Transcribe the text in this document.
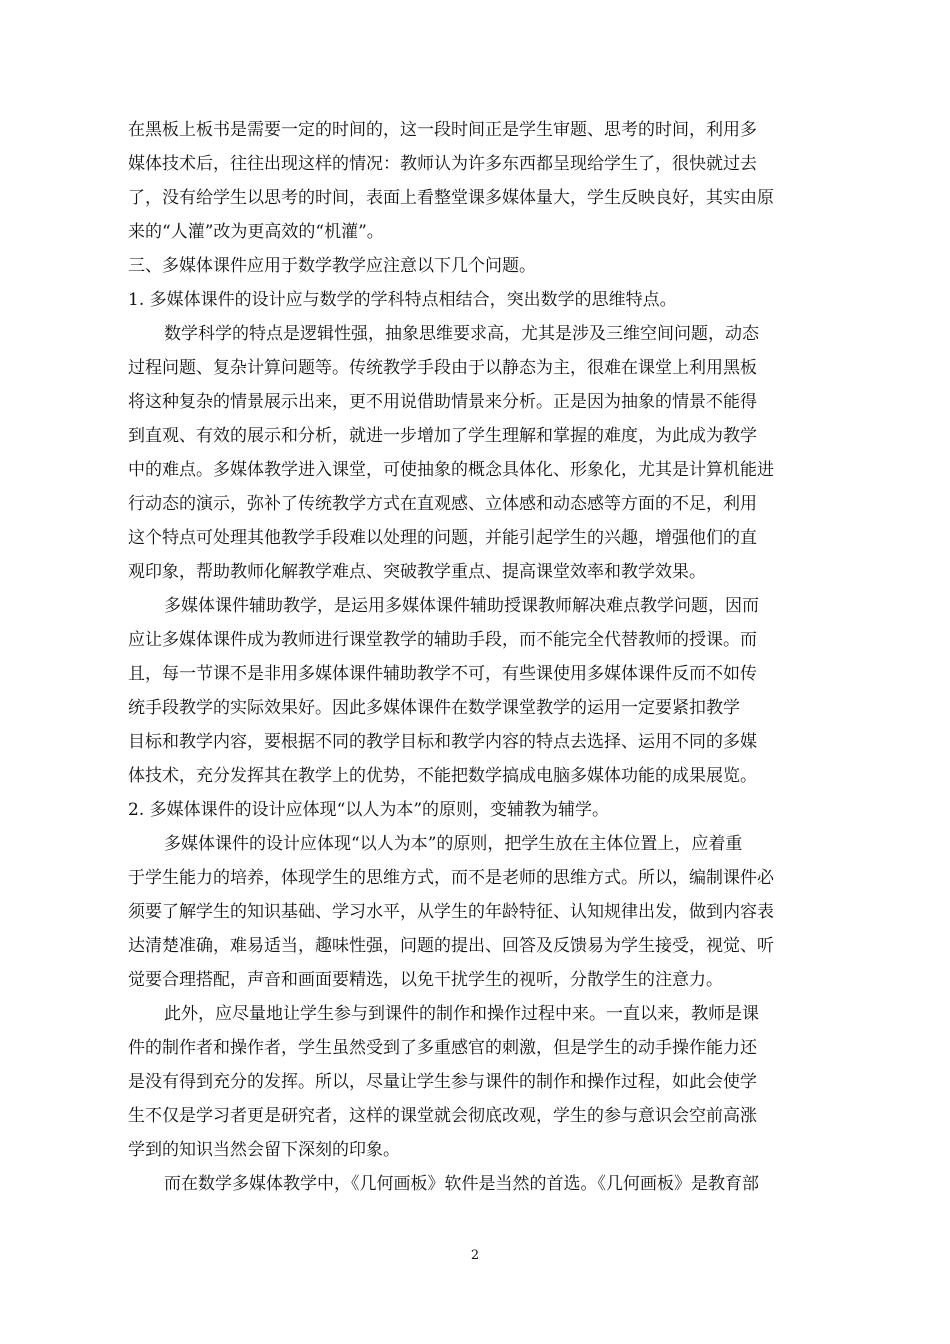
在黑板上板书是需要一定的时间的，这一段时间正是学生审题、思考的时间，利用多
媒体技术后，往往出现这样的情况：教师认为许多东西都呈现给学生了，很快就过去
了，没有给学生以思考的时间，表面上看整堂课多媒体量大，学生反映良好，其实由原
来的“人灌”改为更高效的“机灌”。
三、多媒体课件应用于数学教学应注意以下几个问题。
1. 多媒体课件的设计应与数学的学科特点相结合，突出数学的思维特点。
数学科学的特点是逻辑性强，抽象思维要求高，尤其是涉及三维空间问题，动态
过程问题、复杂计算问题等。传统教学手段由于以静态为主，很难在课堂上利用黑板
将这种复杂的情景展示出来，更不用说借助情景来分析。正是因为抽象的情景不能得
到直观、有效的展示和分析，就进一步增加了学生理解和掌握的难度，为此成为教学
中的难点。多媒体教学进入课堂，可使抽象的概念具体化、形象化，尤其是计算机能进
行动态的演示，弥补了传统教学方式在直观感、立体感和动态感等方面的不足，利用
这个特点可处理其他教学手段难以处理的问题，并能引起学生的兴趣，增强他们的直
观印象，帮助教师化解教学难点、突破教学重点、提高课堂效率和教学效果。
多媒体课件辅助教学，是运用多媒体课件辅助授课教师解决难点教学问题，因而
应让多媒体课件成为教师进行课堂教学的辅助手段，而不能完全代替教师的授课。而
且，每一节课不是非用多媒体课件辅助教学不可，有些课使用多媒体课件反而不如传
统手段教学的实际效果好。因此多媒体课件在数学课堂教学的运用一定要紧扣教学
目标和教学内容，要根据不同的教学目标和教学内容的特点去选择、运用不同的多媒
体技术，充分发挥其在教学上的优势，不能把数学搞成电脑多媒体功能的成果展览。
2. 多媒体课件的设计应体现“以人为本”的原则，变辅教为辅学。
多媒体课件的设计应体现“以人为本”的原则，把学生放在主体位置上，应着重
于学生能力的培养，体现学生的思维方式，而不是老师的思维方式。所以，编制课件必
须要了解学生的知识基础、学习水平，从学生的年龄特征、认知规律出发，做到内容表
达清楚准确，难易适当，趣味性强，问题的提出、回答及反馈易为学生接受，视觉、听
觉要合理搭配，声音和画面要精选，以免干扰学生的视听，分散学生的注意力。
此外，应尽量地让学生参与到课件的制作和操作过程中来。一直以来，教师是课
件的制作者和操作者，学生虽然受到了多重感官的刺激，但是学生的动手操作能力还
是没有得到充分的发挥。所以，尽量让学生参与课件的制作和操作过程，如此会使学
生不仅是学习者更是研究者，这样的课堂就会彻底改观，学生的参与意识会空前高涨
学到的知识当然会留下深刻的印象。
而在数学多媒体教学中，《几何画板》软件是当然的首选。《几何画板》是教育部
2
